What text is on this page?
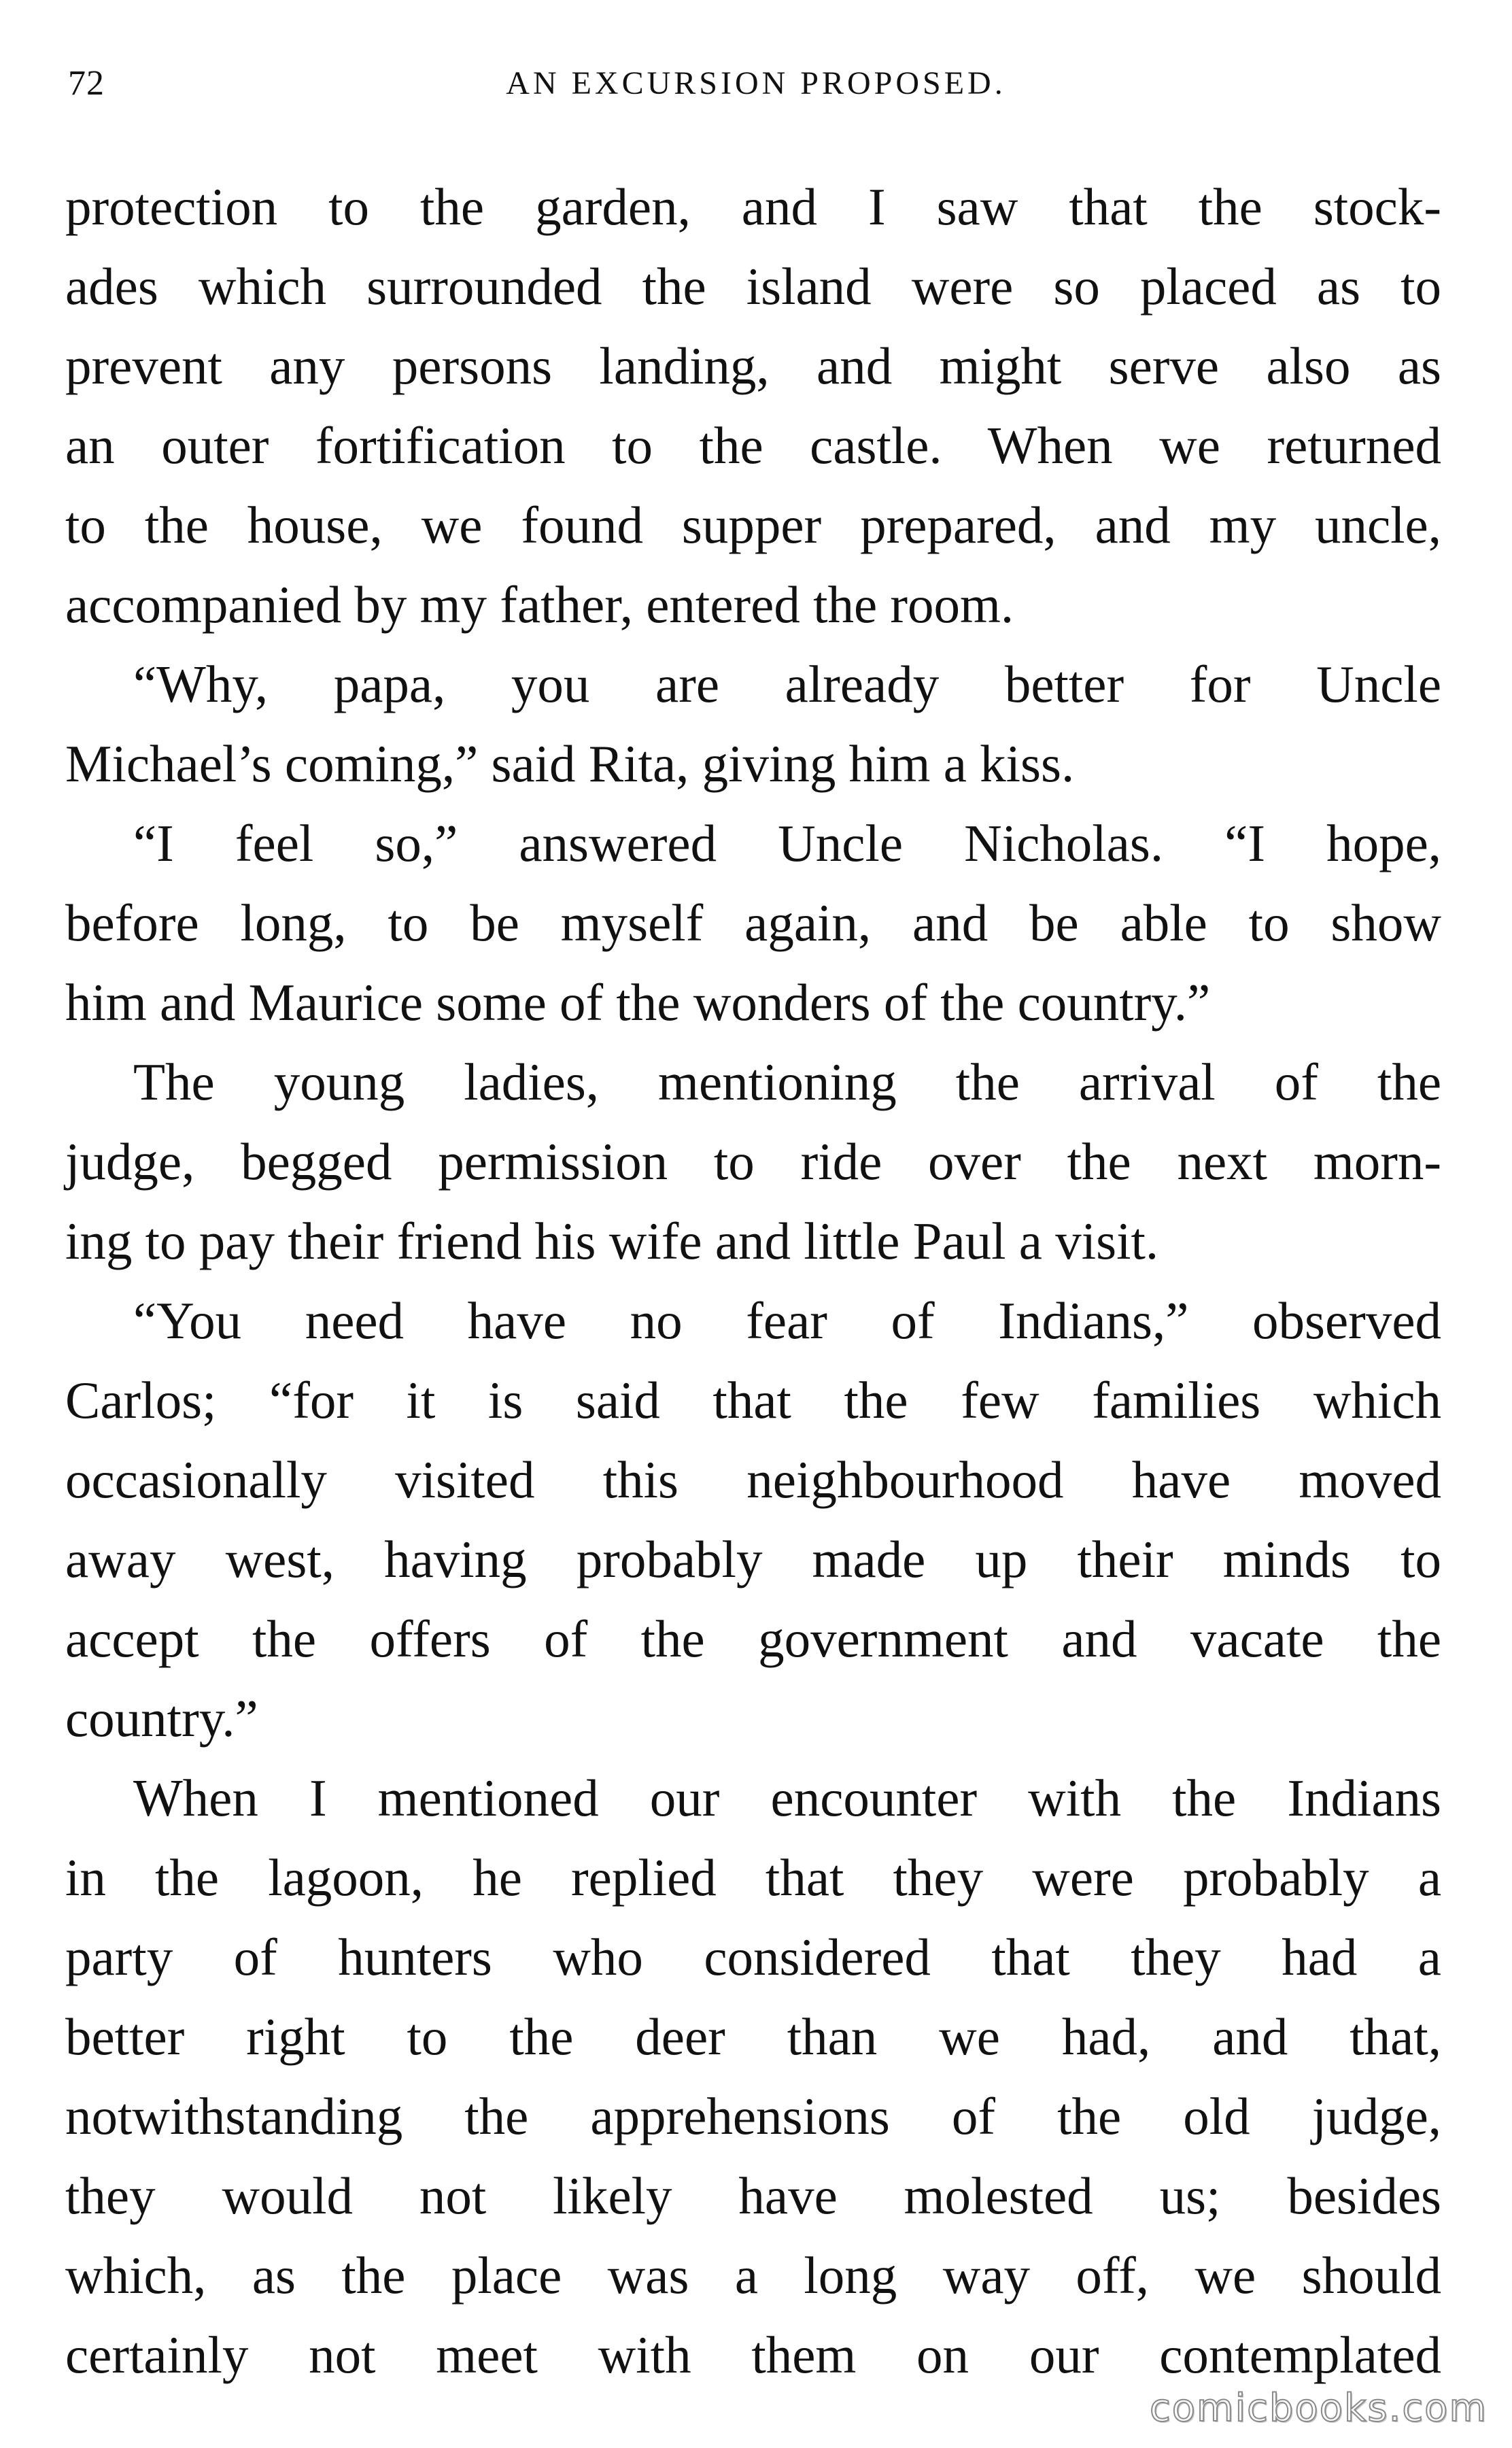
72	AN EXCURSION PROPOSED.
protection to the garden, and I saw that the stock-
ades which surrounded the island were so placed as to
prevent any persons landing, and might serve also as
an outer fortification to the castle. When we returned
to the house, we found supper prepared, and my uncle,
accompanied by my father, entered the room.
“Why, papa, you are already better for Uncle
Michael’s coming,” said Rita, giving him a kiss.
“I feel so,” answered Uncle Nicholas. “I hope,
before long, to be myself again, and be able to show
him and Maurice some of the wonders of the country.”
The young ladies, mentioning the arrival of the
judge, begged permission to ride over the next morn-
ing to pay their friend his wife and little Paul a visit.
“You need have no fear of Indians,” observed
Carlos; “for it is said that the few families which
occasionally visited this neighbourhood have moved
away west, having probably made up their minds to
accept the offers of the government and vacate the
country.”
When I mentioned our encounter with the Indians
in the lagoon, he replied that they were probably a
party of hunters who considered that they had a
better right to the deer than we had, and that,
notwithstanding the apprehensions of the old judge,
they would not likely have molested us; besides
which, as the place was a long way off, we should
certainly not meet with them on our contemplated
comicbooks.com
